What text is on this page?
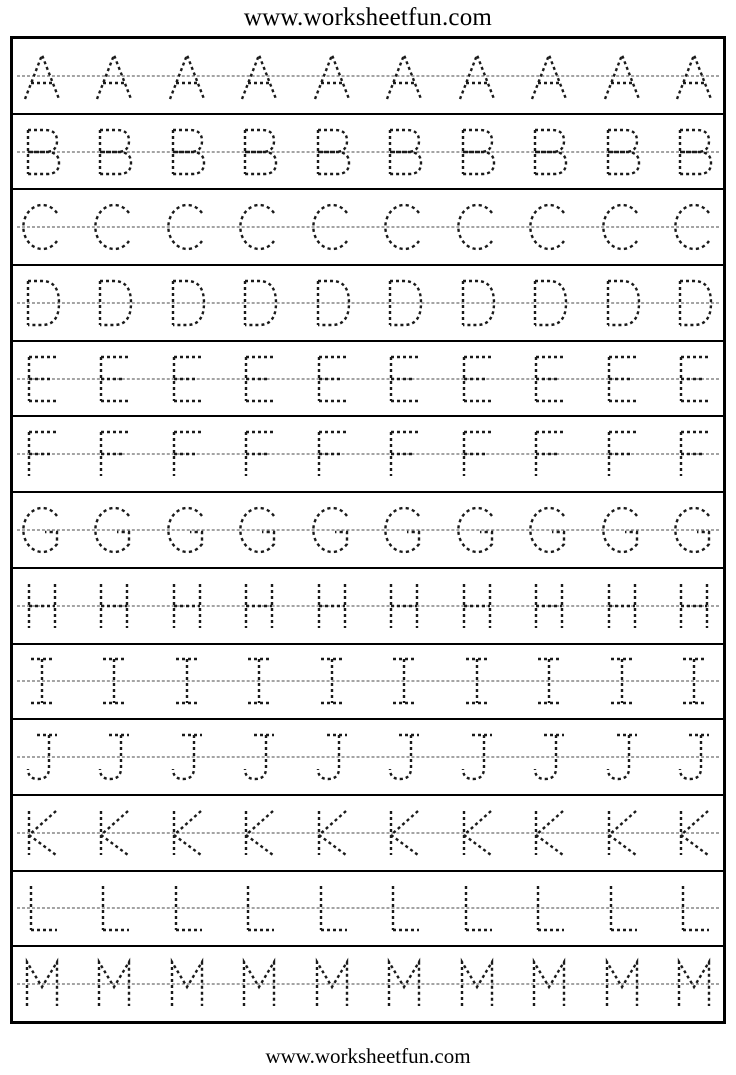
www.worksheetfun.com
www.worksheetfun.com
